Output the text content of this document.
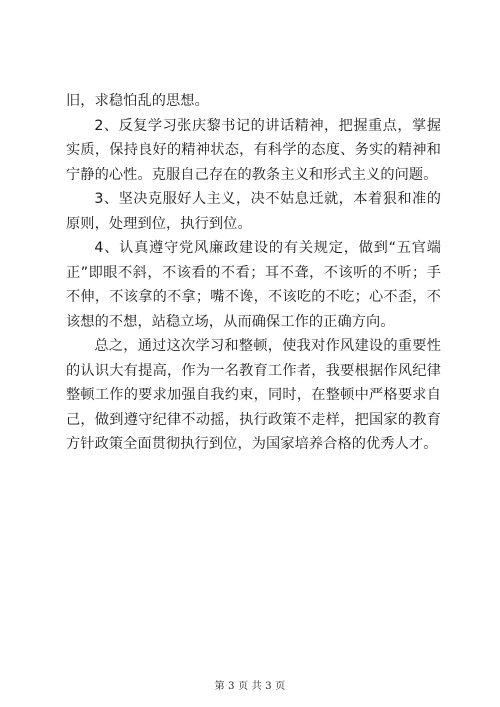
旧，求稳怕乱的思想。

2、反复学习张庆黎书记的讲话精神，把握重点，掌握实质，保持良好的精神状态，有科学的态度、务实的精神和宁静的心性。克服自己存在的教条主义和形式主义的问题。

3、坚决克服好人主义，决不姑息迁就，本着狠和准的原则，处理到位，执行到位。

4、认真遵守党风廉政建设的有关规定，做到“五官端正”即眼不斜，不该看的不看；耳不聋，不该听的不听；手不伸，不该拿的不拿；嘴不谗，不该吃的不吃；心不歪，不该想的不想，站稳立场，从而确保工作的正确方向。

总之，通过这次学习和整顿，使我对作风建设的重要性的认识大有提高，作为一名教育工作者，我要根据作风纪律整顿工作的要求加强自我约束，同时，在整顿中严格要求自己，做到遵守纪律不动摇，执行政策不走样，把国家的教育方针政策全面贯彻执行到位，为国家培养合格的优秀人才。

第 3 页 共 3 页
